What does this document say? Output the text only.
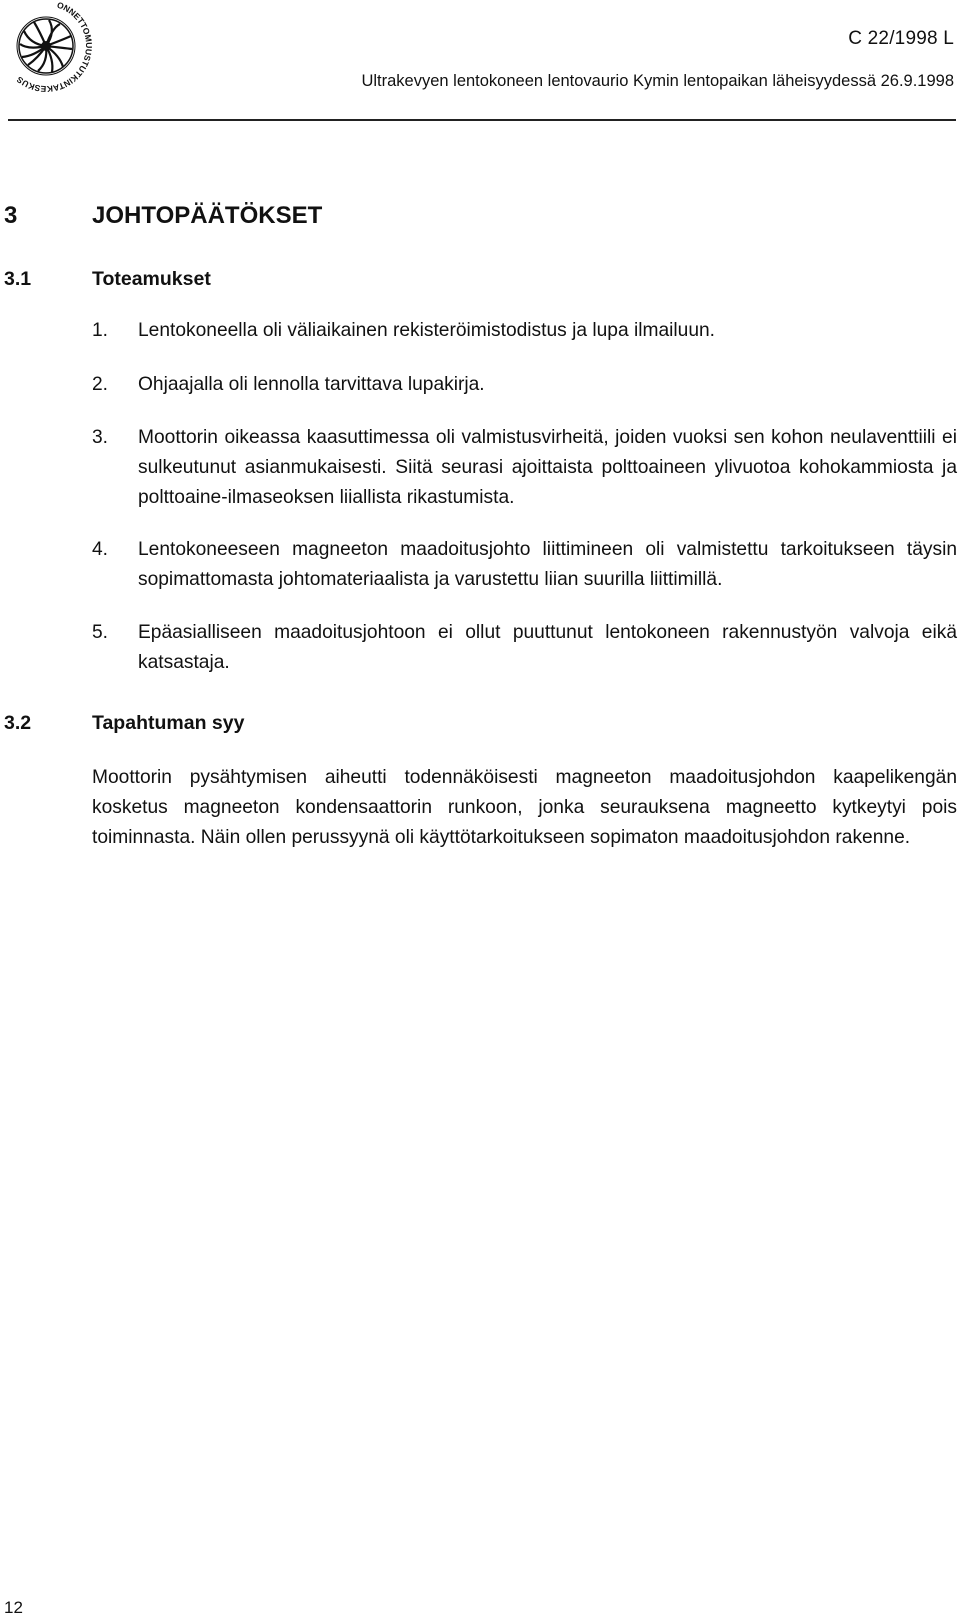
ONNETTOMUUSTUTKINTAKESKUS
C 22/1998 L
Ultrakevyen lentokoneen lentovaurio Kymin lentopaikan läheisyydessä 26.9.1998
3	JOHTOPÄÄTÖKSET
3.1	Toteamukset
1. Lentokoneella oli väliaikainen rekisteröimistodistus ja lupa ilmailuun.
2. Ohjaajalla oli lennolla tarvittava lupakirja.
3. Moottorin oikeassa kaasuttimessa oli valmistusvirheitä, joiden vuoksi sen kohon neulaventtiili ei sulkeutunut asianmukaisesti. Siitä seurasi ajoittaista polttoaineen ylivuotoa kohokammiosta ja polttoaine-ilmaseoksen liiallista rikastumista.
4. Lentokoneeseen magneeton maadoitusjohto liittimineen oli valmistettu tarkoitukseen täysin sopimattomasta johtomateriaalista ja varustettu liian suurilla liittimillä.
5. Epäasialliseen maadoitusjohtoon ei ollut puuttunut lentokoneen rakennustyön valvoja eikä katsastaja.
3.2	Tapahtuman syy
Moottorin pysähtymisen aiheutti todennäköisesti magneeton maadoitusjohdon kaapelikengän kosketus magneeton kondensaattorin runkoon, jonka seurauksena magneetto kytkeytyi pois toiminnasta. Näin ollen perussyynä oli käyttötarkoitukseen sopimaton maadoitusjohdon rakenne.
12
